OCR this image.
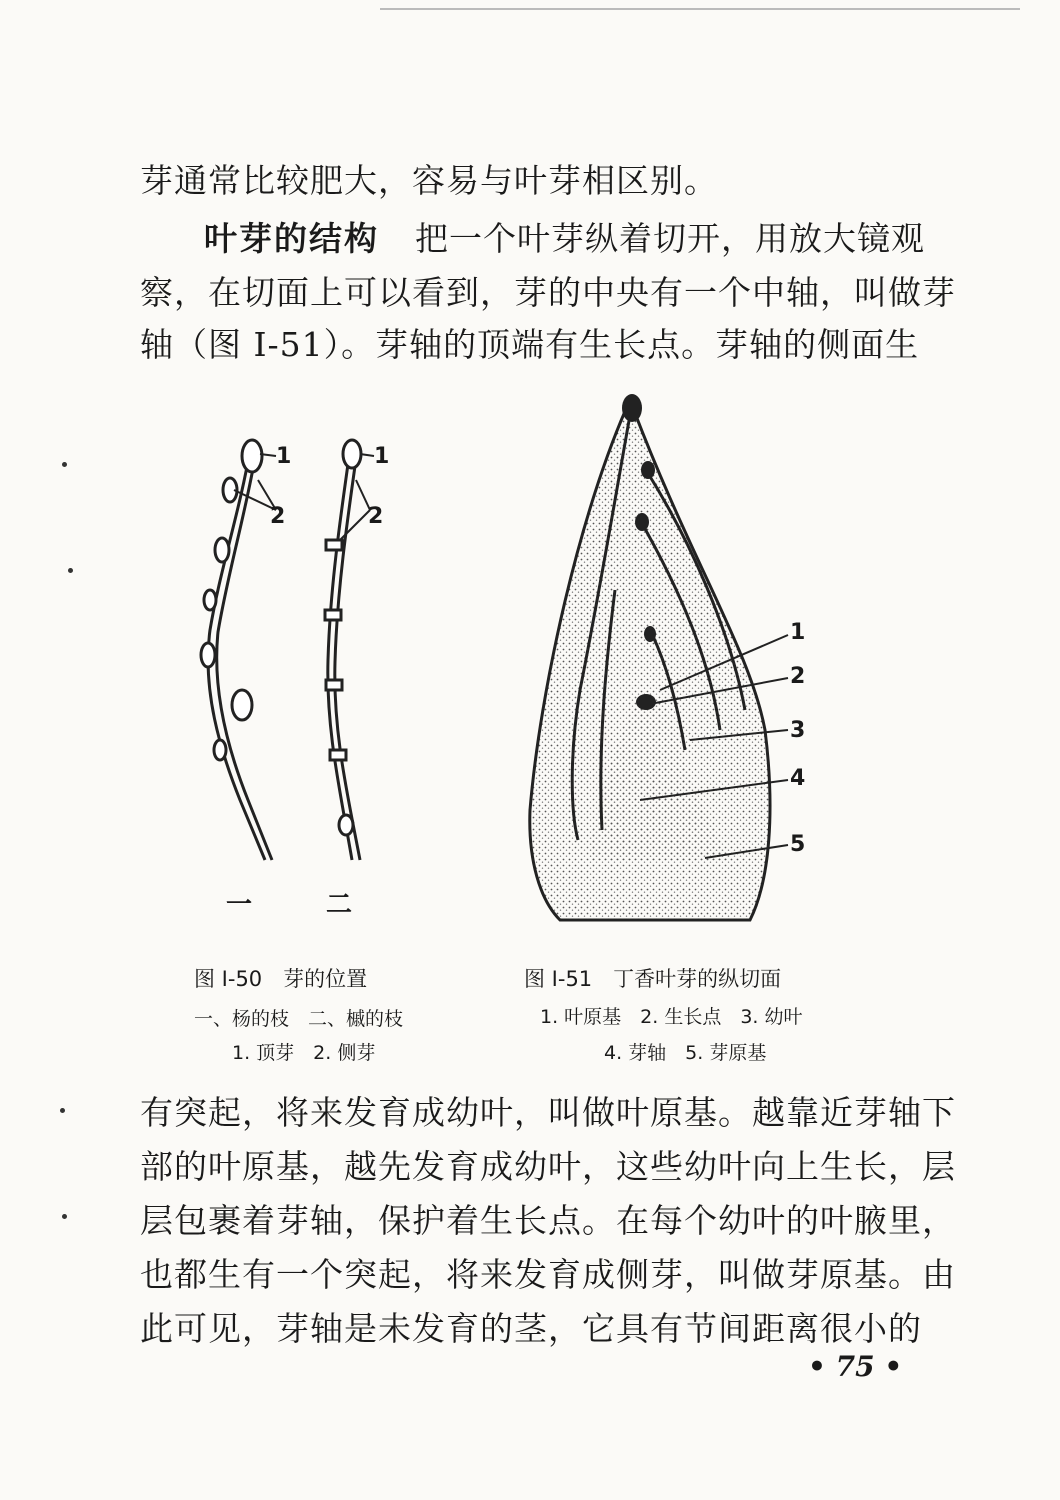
芽通常比较肥大，容易与叶芽相区别。
叶芽的结构 把一个叶芽纵着切开，用放大镜观
察，在切面上可以看到，芽的中央有一个中轴，叫做芽
轴（图 I-51）。芽轴的顶端有生长点。芽轴的侧面生
1
2
1
2
一	二
1
2
3
4
5
图 I-50　芽的位置
一、杨的枝　二、槭的枝
1. 顶芽　2. 侧芽
图 I-51　丁香叶芽的纵切面
1. 叶原基　2. 生长点　3. 幼叶
4. 芽轴　5. 芽原基
有突起，将来发育成幼叶，叫做叶原基。越靠近芽轴下
部的叶原基，越先发育成幼叶，这些幼叶向上生长，层
层包裹着芽轴，保护着生长点。在每个幼叶的叶腋里，
也都生有一个突起，将来发育成侧芽，叫做芽原基。由
此可见，芽轴是未发育的茎，它具有节间距离很小的
• 75 •
